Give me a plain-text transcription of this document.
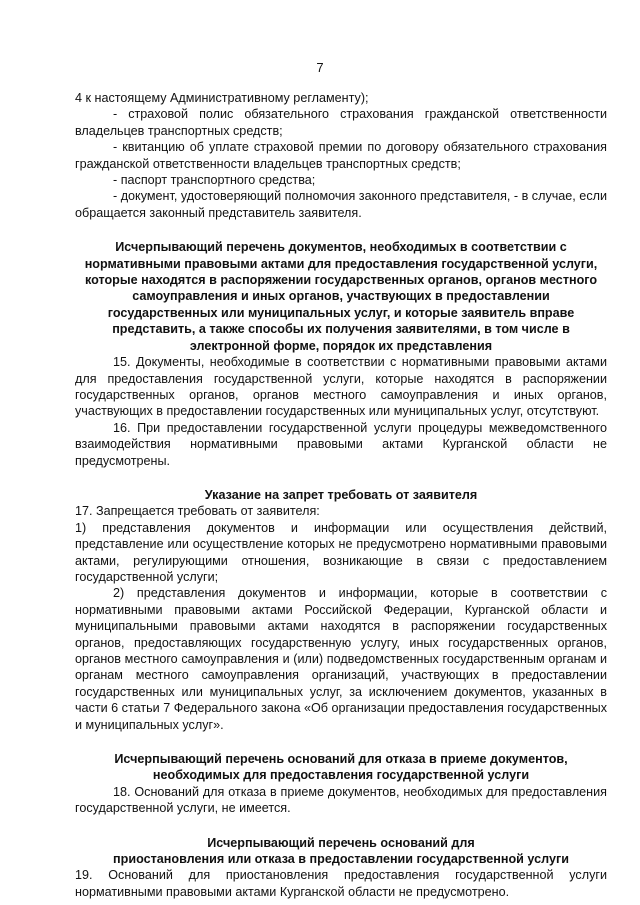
7

4 к настоящему Административному регламенту);

- страховой полис обязательного страхования гражданской ответственности владельцев транспортных средств;

- квитанцию об уплате страховой премии по договору обязательного страхования гражданской ответственности владельцев транспортных средств;

- паспорт транспортного средства;

- документ, удостоверяющий полномочия законного представителя, - в случае, если обращается законный представитель заявителя.

Исчерпывающий перечень документов, необходимых в соответствии с нормативными правовыми актами для предоставления государственной услуги, которые находятся в распоряжении государственных органов, органов местного самоуправления и иных органов, участвующих в предоставлении государственных или муниципальных услуг, и которые заявитель вправе представить, а также способы их получения заявителями, в том числе в электронной форме, порядок их представления

15. Документы, необходимые в соответствии с нормативными правовыми актами для предоставления государственной услуги, которые находятся в распоряжении государственных органов, органов местного самоуправления и иных органов, участвующих в предоставлении государственных или муниципальных услуг, отсутствуют.

16. При предоставлении государственной услуги процедуры межведомственного взаимодействия нормативными правовыми актами Курганской области не предусмотрены.

Указание на запрет требовать от заявителя

17. Запрещается требовать от заявителя:

1) представления документов и информации или осуществления действий, представление или осуществление которых не предусмотрено нормативными правовыми актами, регулирующими отношения, возникающие в связи с предоставлением государственной услуги;

2) представления документов и информации, которые в соответствии с нормативными правовыми актами Российской Федерации, Курганской области и муниципальными правовыми актами находятся в распоряжении государственных органов, предоставляющих государственную услугу, иных государственных органов, органов местного самоуправления и (или) подведомственных государственным органам и органам местного самоуправления организаций, участвующих в предоставлении государственных или муниципальных услуг, за исключением документов, указанных в части 6 статьи 7 Федерального закона «Об организации предоставления государственных и муниципальных услуг».

Исчерпывающий перечень оснований для отказа в приеме документов, необходимых для предоставления государственной услуги

18. Оснований для отказа в приеме документов, необходимых для предоставления государственной услуги, не имеется.

Исчерпывающий перечень оснований для

приостановления или отказа в предоставлении государственной услуги

19. Оснований для приостановления предоставления государственной услуги нормативными правовыми актами Курганской области не предусмотрено.
